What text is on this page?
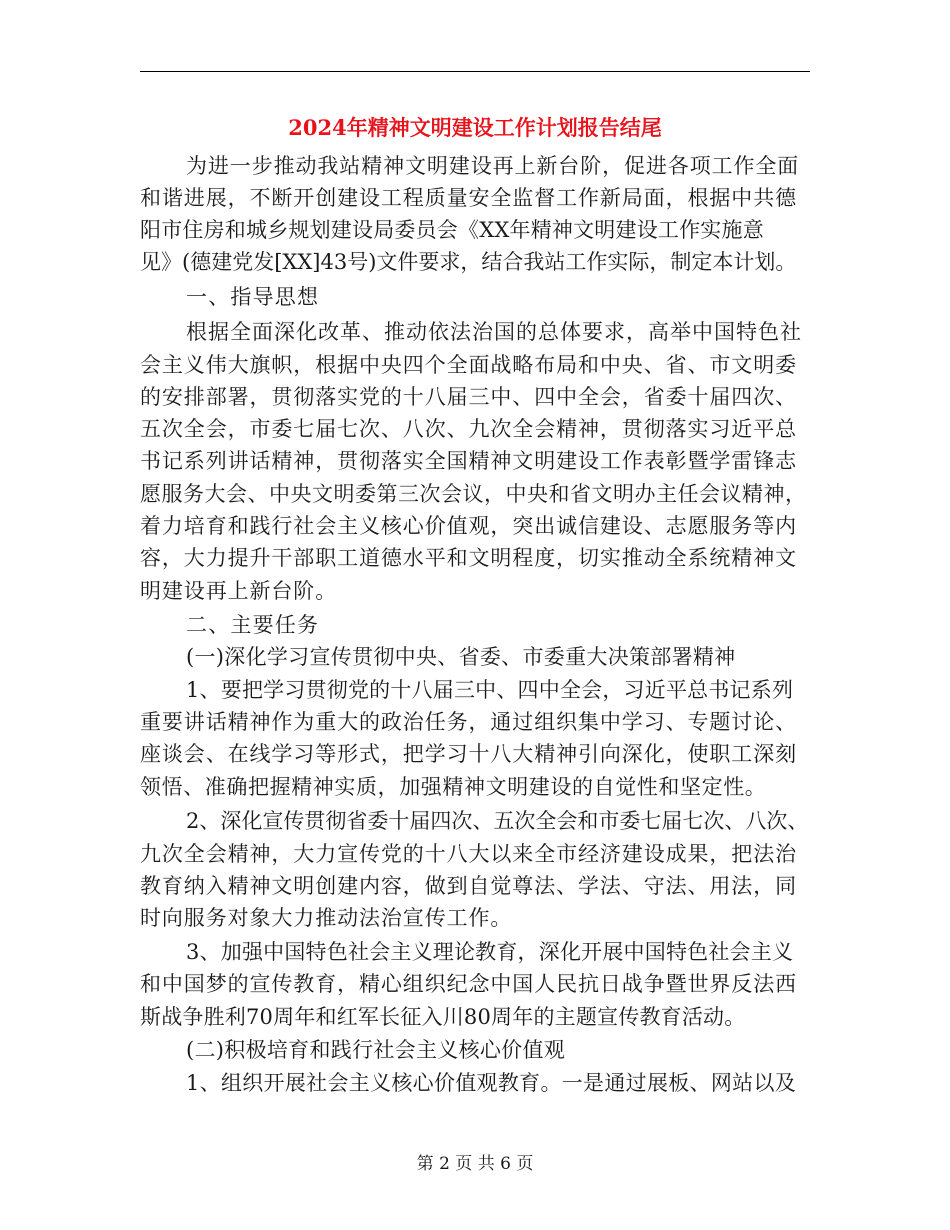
2024年精神文明建设工作计划报告结尾
为进一步推动我站精神文明建设再上新台阶，促进各项工作全面
和谐进展，不断开创建设工程质量安全监督工作新局面，根据中共德
阳市住房和城乡规划建设局委员会《XX年精神文明建设工作实施意
见》(德建党发[XX]43号)文件要求，结合我站工作实际，制定本计划。
一、指导思想
根据全面深化改革、推动依法治国的总体要求，高举中国特色社
会主义伟大旗帜，根据中央四个全面战略布局和中央、省、市文明委
的安排部署，贯彻落实党的十八届三中、四中全会，省委十届四次、
五次全会，市委七届七次、八次、九次全会精神，贯彻落实习近平总
书记系列讲话精神，贯彻落实全国精神文明建设工作表彰暨学雷锋志
愿服务大会、中央文明委第三次会议，中央和省文明办主任会议精神，
着力培育和践行社会主义核心价值观，突出诚信建设、志愿服务等内
容，大力提升干部职工道德水平和文明程度，切实推动全系统精神文
明建设再上新台阶。
二、主要任务
(一)深化学习宣传贯彻中央、省委、市委重大决策部署精神
1、要把学习贯彻党的十八届三中、四中全会，习近平总书记系列
重要讲话精神作为重大的政治任务，通过组织集中学习、专题讨论、
座谈会、在线学习等形式，把学习十八大精神引向深化，使职工深刻
领悟、准确把握精神实质，加强精神文明建设的自觉性和坚定性。
2、深化宣传贯彻省委十届四次、五次全会和市委七届七次、八次、
九次全会精神，大力宣传党的十八大以来全市经济建设成果，把法治
教育纳入精神文明创建内容，做到自觉尊法、学法、守法、用法，同
时向服务对象大力推动法治宣传工作。
3、加强中国特色社会主义理论教育，深化开展中国特色社会主义
和中国梦的宣传教育，精心组织纪念中国人民抗日战争暨世界反法西
斯战争胜利70周年和红军长征入川80周年的主题宣传教育活动。
(二)积极培育和践行社会主义核心价值观
1、组织开展社会主义核心价值观教育。一是通过展板、网站以及
第 2 页 共 6 页
